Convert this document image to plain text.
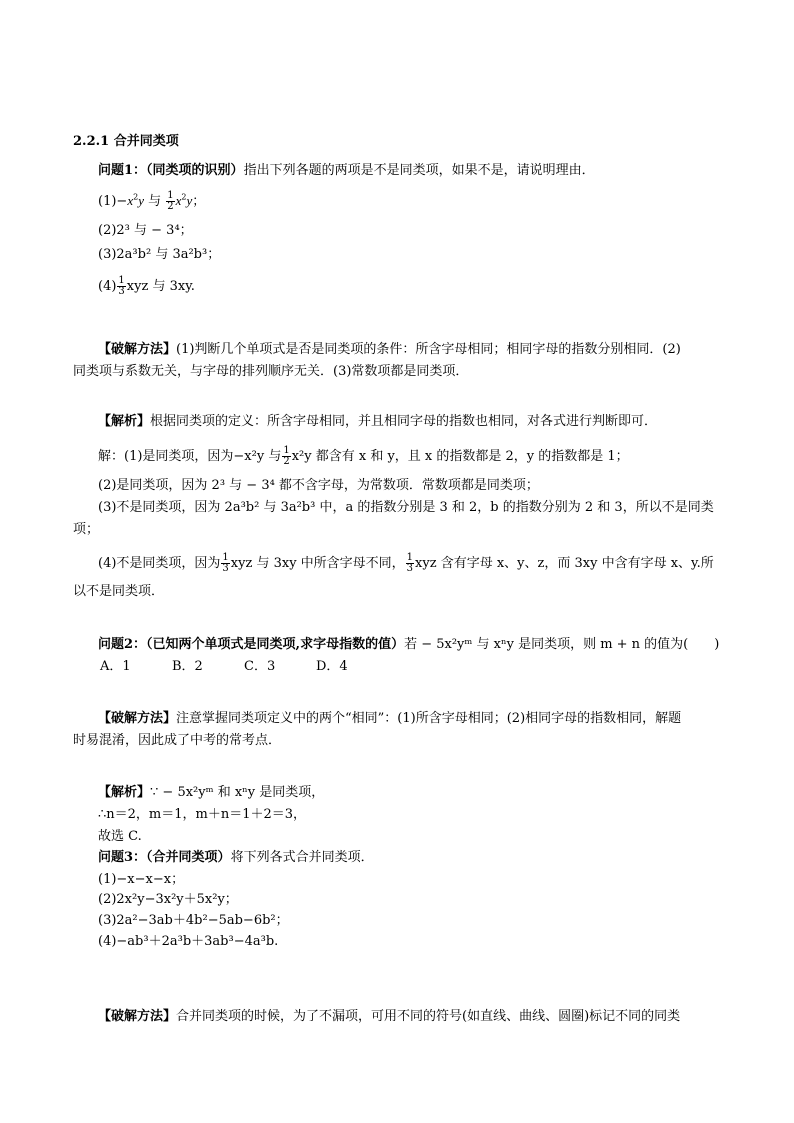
2.2.1 合并同类项
问题1：（同类项的识别）指出下列各题的两项是不是同类项，如果不是，请说明理由．
$(1)-x^2y$ 与 $\frac{1}{2} x^2y$；
(2)2³ 与 − 3⁴；
(3)2a³b² 与 3a²b³；
$(4) \frac{1}{3}$ xyz 与 3xy.
【破解方法】(1)判断几个单项式是否是同类项的条件：所含字母相同；相同字母的指数分别相同．(2)
同类项与系数无关，与字母的排列顺序无关．(3)常数项都是同类项．
【解析】根据同类项的定义：所含字母相同，并且相同字母的指数也相同，对各式进行判断即可．
解：(1)是同类项，因为−x²y 与 $\frac{1}{2} x^2y$ 都含有 x 和 y，且 x 的指数都是 2，y 的指数都是 1；
(2)是同类项，因为 2³ 与 − 3⁴ 都不含字母，为常数项．常数项都是同类项；
(3)不是同类项，因为 2a³b² 与 3a²b³ 中，a 的指数分别是 3 和 2，b 的指数分别为 2 和 3，所以不是同类
项；
(4)不是同类项，因为 $\frac{1}{3}$ xyz 与 3xy 中所含字母不同， $\frac{1}{3}$ xyz 含有字母 x、y、z，而 3xy 中含有字母 x、y.所
以不是同类项．
问题2：（已知两个单项式是同类项,求字母指数的值）若 − 5x²yᵐ 与 xⁿy 是同类项，则 m + n 的值为(　　)
A．1	B．2	C．3	D．4
【破解方法】注意掌握同类项定义中的两个“相同”：(1)所含字母相同；(2)相同字母的指数相同，解题
时易混淆，因此成了中考的常考点．
【解析】∵ − 5x²yᵐ 和 xⁿy 是同类项，
∴n＝2，m＝1，m＋n＝1＋2＝3，
故选 C.
问题3：（合并同类项）将下列各式合并同类项．
(1)−x−x−x；
(2)2x²y−3x²y＋5x²y；
(3)2a²−3ab＋4b²−5ab−6b²；
(4)−ab³＋2a³b＋3ab³−4a³b.
【破解方法】合并同类项的时候，为了不漏项，可用不同的符号(如直线、曲线、圆圈)标记不同的同类
